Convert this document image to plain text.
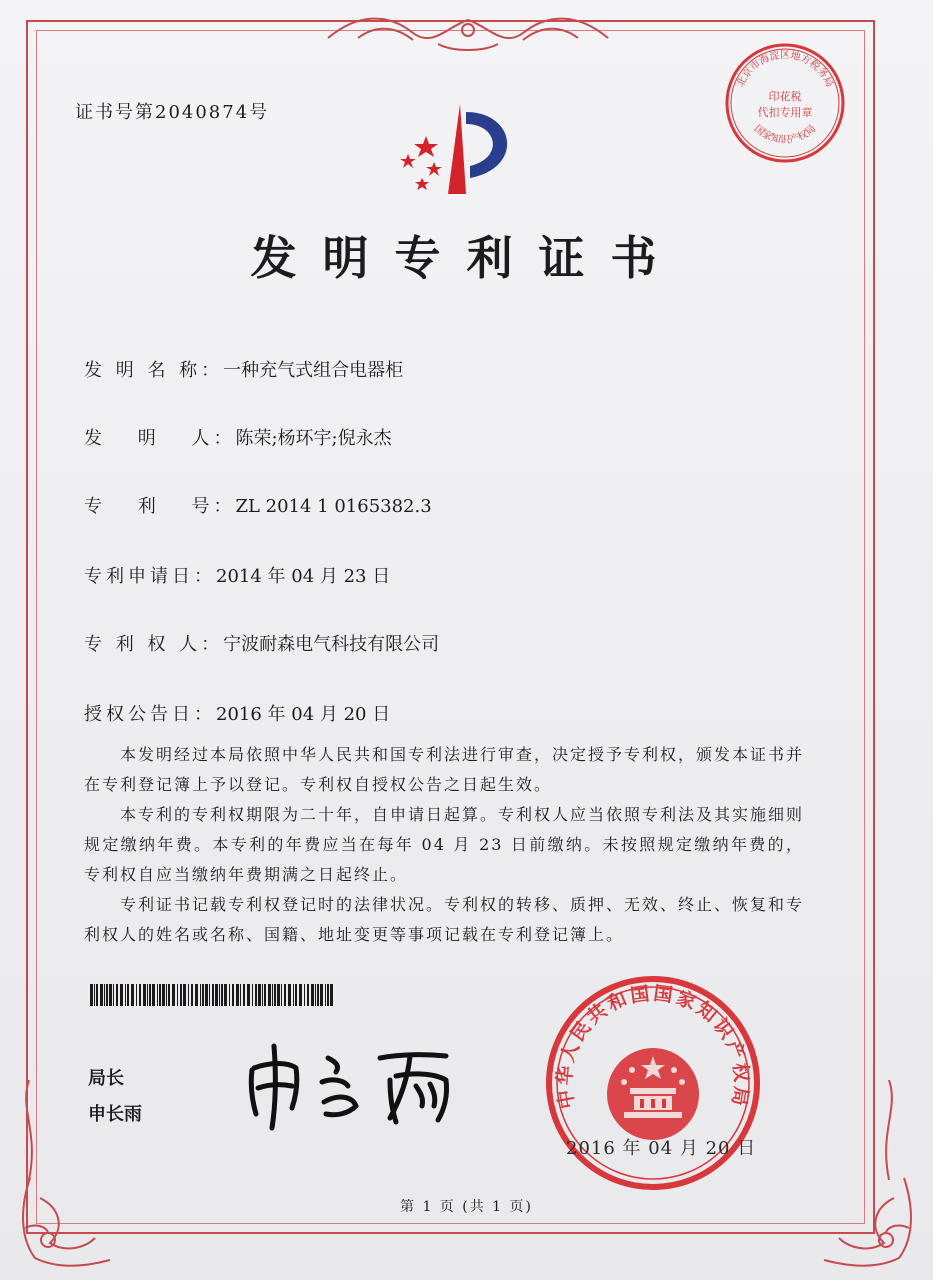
证书号第2040874号
发明专利证书
发 明 名 称：一种充气式组合电器柜
发　 明　 人：陈荣;杨环宇;倪永杰
专　 利　 号：ZL 2014 1 0165382.3
专利申请日：2014 年 04 月 23 日
专 利 权 人：宁波耐森电气科技有限公司
授权公告日：2016 年 04 月 20 日
本发明经过本局依照中华人民共和国专利法进行审查，决定授予专利权，颁发本证书并在专利登记簿上予以登记。专利权自授权公告之日起生效。
本专利的专利权期限为二十年，自申请日起算。专利权人应当依照专利法及其实施细则规定缴纳年费。本专利的年费应当在每年 04 月 23 日前缴纳。未按照规定缴纳年费的，专利权自应当缴纳年费期满之日起终止。
专利证书记载专利权登记时的法律状况。专利权的转移、质押、无效、终止、恢复和专利权人的姓名或名称、国籍、地址变更等事项记载在专利登记簿上。
局长
申长雨
北京市海淀区地方税务局
印花税
代扣专用章
国家知识产权局
中华人民共和国国家知识产权局
2016 年 04 月 20 日
第 1 页 (共 1 页)
